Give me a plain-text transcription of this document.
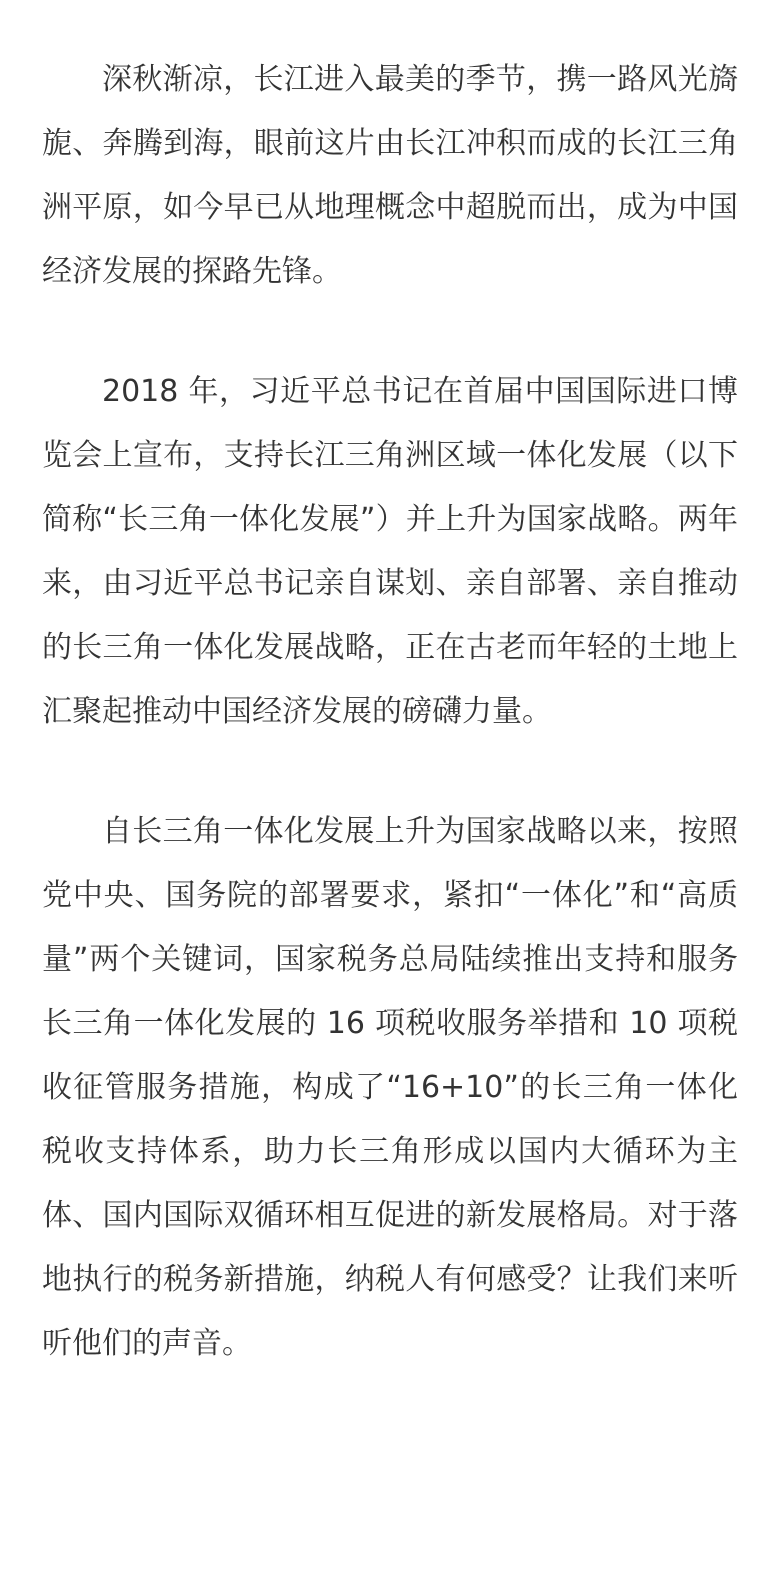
深秋渐凉，长江进入最美的季节，携一路风光旖旎、奔腾到海，眼前这片由长江冲积而成的长江三角洲平原，如今早已从地理概念中超脱而出，成为中国经济发展的探路先锋。

2018 年，习近平总书记在首届中国国际进口博览会上宣布，支持长江三角洲区域一体化发展（以下简称“长三角一体化发展”）并上升为国家战略。两年来，由习近平总书记亲自谋划、亲自部署、亲自推动的长三角一体化发展战略，正在古老而年轻的土地上汇聚起推动中国经济发展的磅礴力量。

自长三角一体化发展上升为国家战略以来，按照党中央、国务院的部署要求，紧扣“一体化”和“高质量”两个关键词，国家税务总局陆续推出支持和服务长三角一体化发展的 16 项税收服务举措和 10 项税收征管服务措施，构成了“16+10”的长三角一体化税收支持体系，助力长三角形成以国内大循环为主体、国内国际双循环相互促进的新发展格局。对于落地执行的税务新措施，纳税人有何感受？让我们来听听他们的声音。
